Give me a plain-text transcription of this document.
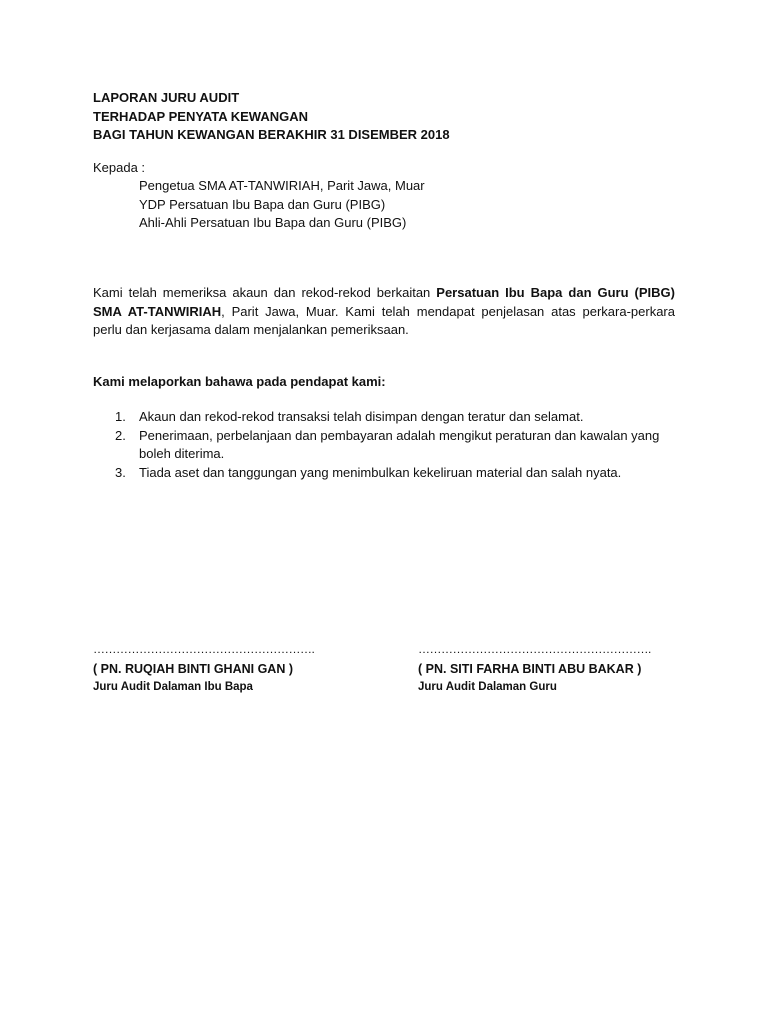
LAPORAN JURU AUDIT
TERHADAP PENYATA KEWANGAN
BAGI TAHUN KEWANGAN BERAKHIR 31 DISEMBER 2018
Kepada :
Pengetua SMA AT-TANWIRIAH, Parit Jawa, Muar
YDP Persatuan Ibu Bapa dan Guru (PIBG)
Ahli-Ahli Persatuan Ibu Bapa dan Guru (PIBG)
Kami telah memeriksa akaun dan rekod-rekod berkaitan Persatuan Ibu Bapa dan Guru (PIBG) SMA AT-TANWIRIAH, Parit Jawa, Muar. Kami telah mendapat penjelasan atas perkara-perkara perlu dan kerjasama dalam menjalankan pemeriksaan.
Kami melaporkan bahawa pada pendapat kami:
1. Akaun dan rekod-rekod transaksi telah disimpan dengan teratur dan selamat.
2. Penerimaan, perbelanjaan dan pembayaran adalah mengikut peraturan dan kawalan yang boleh diterima.
3. Tiada aset dan tanggungan yang menimbulkan kekeliruan material dan salah nyata.
………………………………………………….
( PN. RUQIAH BINTI GHANI GAN )
Juru Audit Dalaman Ibu Bapa
…………………………………………………….
( PN. SITI FARHA BINTI ABU BAKAR )
Juru Audit Dalaman Guru
